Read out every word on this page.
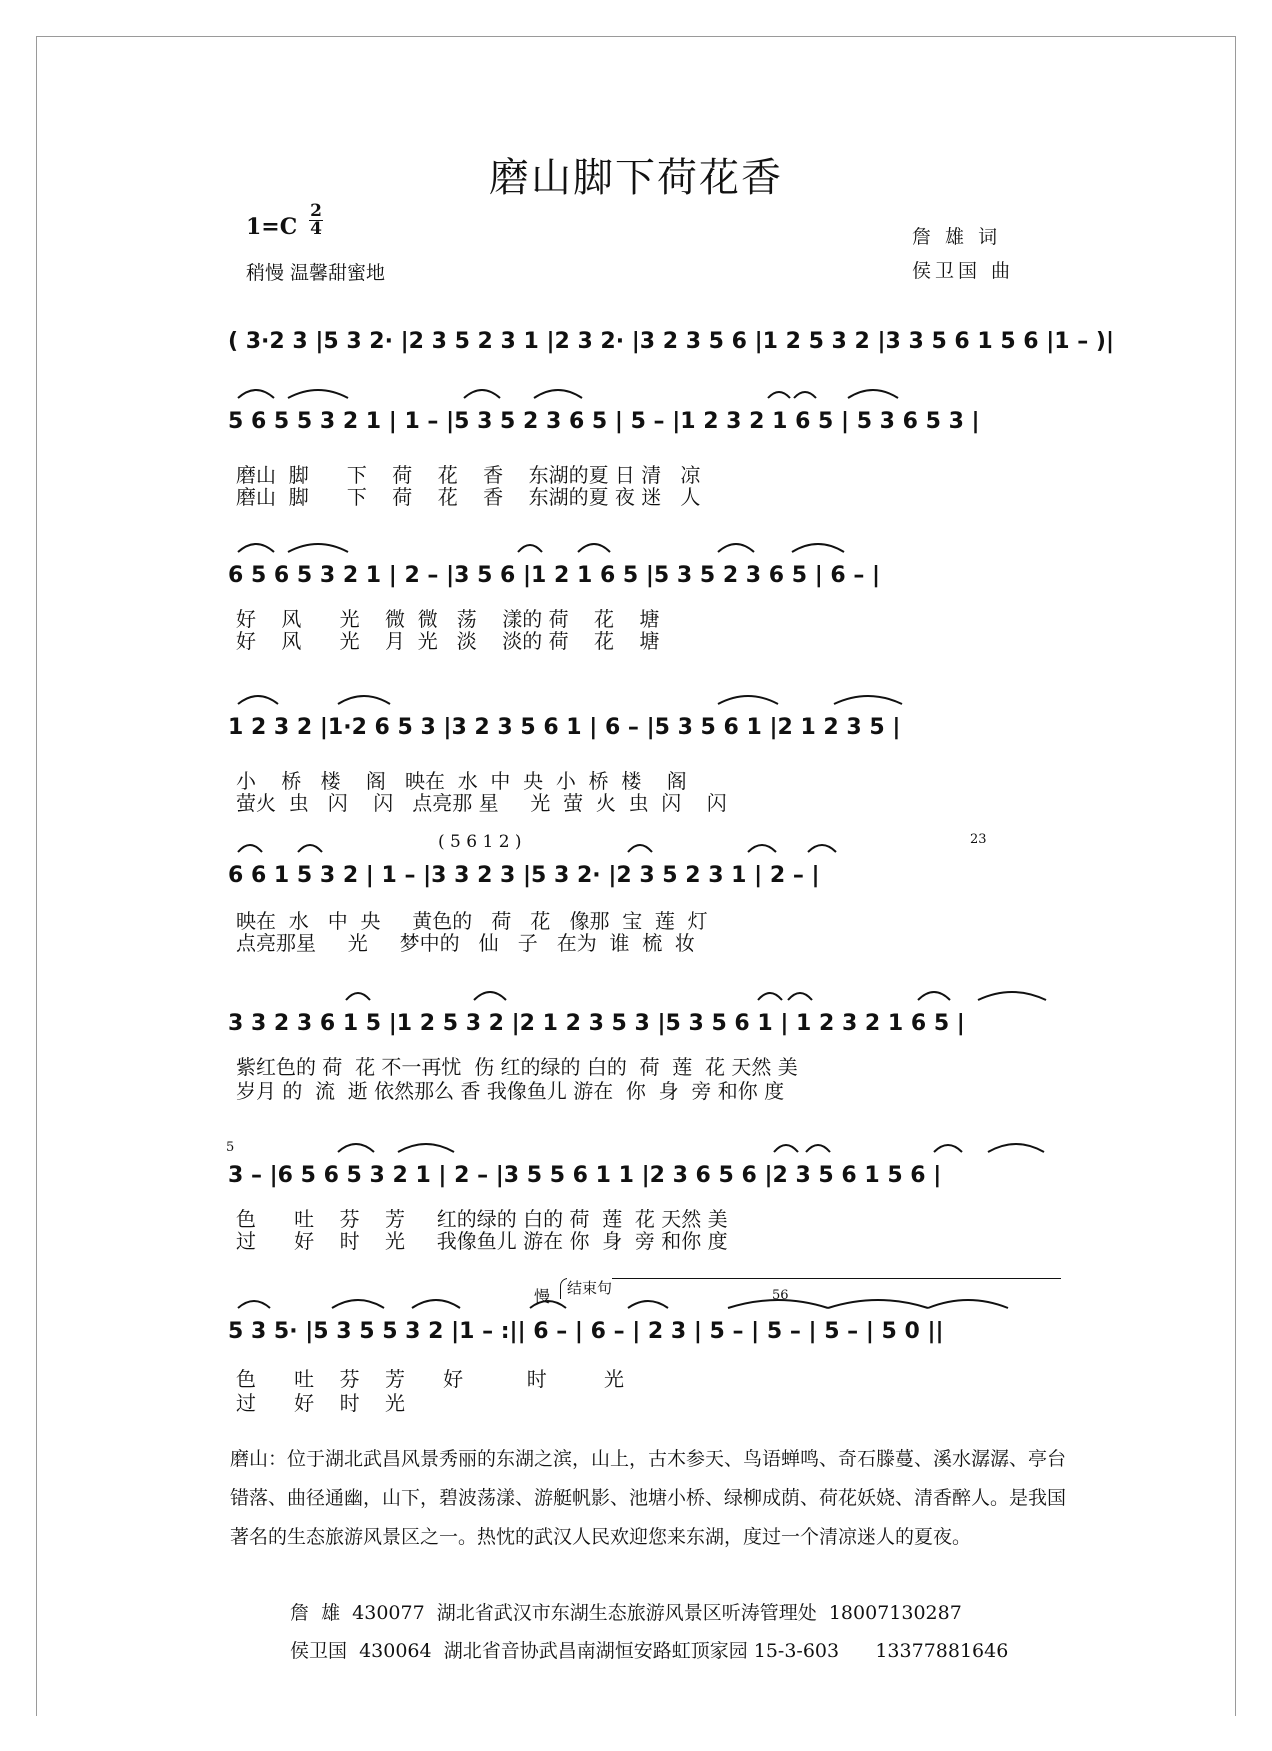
磨山脚下荷花香
1=C
2
4
稍慢 温馨甜蜜地
詹 雄 词
侯卫国 曲
( 3·2 3 |5 3 2· |2 3 5 2 3 1 |2 3 2· |3 2 3 5 6 |1 2 5 3 2 |3 3 5 6 1 5 6 |1 – )|
5 6 5 5 3 2 1 | 1 – |5 3 5 2 3 6 5 | 5 – |1 2 3 2 1 6 5 | 5 3 6 5 3 |
磨山  脚      下    荷    花    香    东湖的夏 日 清   凉
磨山  脚      下    荷    花    香    东湖的夏 夜 迷   人
6 5 6 5 3 2 1 | 2 – |3 5 6 |1 2 1 6 5 |5 3 5 2 3 6 5 | 6 – |
好    风      光    微  微   荡    漾的 荷    花    塘
好    风      光    月  光   淡    淡的 荷    花    塘
1 2 3 2 |1·2 6 5 3 |3 2 3 5 6 1 | 6 – |5 3 5 6 1 |2 1 2 3 5 |
小    桥   楼    阁   映在  水  中  央  小  桥  楼    阁
萤火  虫   闪    闪   点亮那 星     光  萤  火  虫  闪    闪
6 6 1 5 3 2 | 1 – |3 3 2 3 |5 3 2· |2 3 5 2 3 1 | 2 – |
映在  水   中  央     黄色的   荷   花   像那  宝  莲  灯
点亮那星     光     梦中的   仙   子   在为  谁  梳  妆
( 5 6 1 2 )	23
3 3 2 3 6 1 5 |1 2 5 3 2 |2 1 2 3 5 3 |5 3 5 6 1 | 1 2 3 2 1 6 5 |
紫红色的 荷  花 不一再忧  伤 红的绿的 白的  荷  莲  花 天然 美
岁月 的  流  逝 依然那么 香 我像鱼儿 游在  你  身  旁 和你 度
3 – |6 5 6 5 3 2 1 | 2 – |3 5 5 6 1 1 |2 3 6 5 6 |2 3 5 6 1 5 6 |
色      吐    芬    芳     红的绿的 白的 荷  莲  花 天然 美
过      好    时    光     我像鱼儿 游在 你  身  旁 和你 度
5
慢 结束句	56
5 3 5· |5 3 5 5 3 2 |1 – :|| 6 – | 6 – | 2 3 | 5 – | 5 – | 5 – | 5 0 ||
色      吐    芬    芳      好          时         光
过      好    时    光
磨山：位于湖北武昌风景秀丽的东湖之滨，山上，古木参天、鸟语蝉鸣、奇石滕蔓、溪水潺潺、亭台错落、曲径通幽，山下，碧波荡漾、游艇帆影、池塘小桥、绿柳成荫、荷花妖娆、清香醉人。是我国著名的生态旅游风景区之一。热忱的武汉人民欢迎您来东湖，度过一个清凉迷人的夏夜。
詹  雄  430077  湖北省武汉市东湖生态旅游风景区听涛管理处  18007130287
侯卫国  430064  湖北省音协武昌南湖恒安路虹顶家园 15-3-603      13377881646
